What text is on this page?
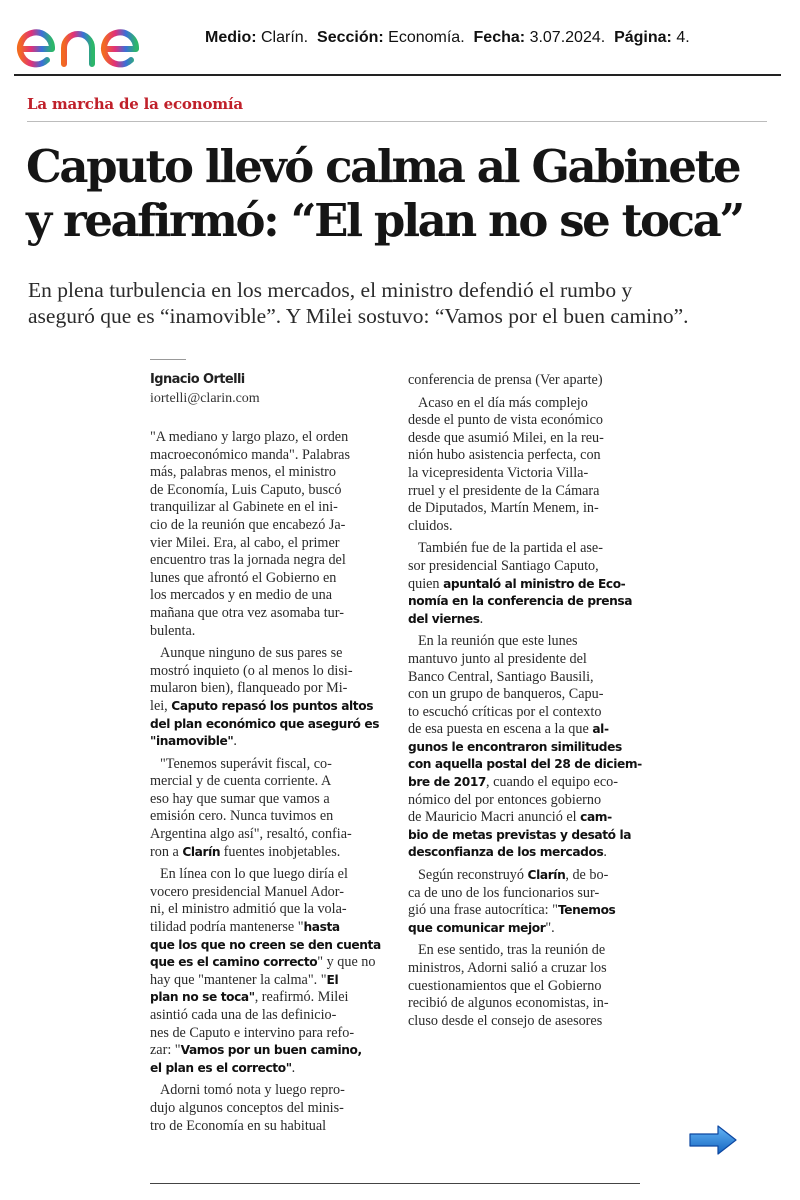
Medio: Clarín. Sección: Economía. Fecha: 3.07.2024. Página: 4.
La marcha de la economía
Caputo llevó calma al Gabinete
y reafirmó: “El plan no se toca”
En plena turbulencia en los mercados, el ministro defendió el rumbo y
aseguró que es “inamovible”. Y Milei sostuvo: “Vamos por el buen camino”.
Ignacio Ortelli
iortelli@clarin.com

"A mediano y largo plazo, el orden
macroeconómico manda". Palabras
más, palabras menos, el ministro
de Economía, Luis Caputo, buscó
tranquilizar al Gabinete en el ini-
cio de la reunión que encabezó Ja-
vier Milei. Era, al cabo, el primer
encuentro tras la jornada negra del
lunes que afrontó el Gobierno en
los mercados y en medio de una
mañana que otra vez asomaba tur-
bulenta.

Aunque ninguno de sus pares se
mostró inquieto (o al menos lo disi-
mularon bien), flanqueado por Mi-
lei, Caputo repasó los puntos altos
del plan económico que aseguró es
"inamovible".

"Tenemos superávit fiscal, co-
mercial y de cuenta corriente. A
eso hay que sumar que vamos a
emisión cero. Nunca tuvimos en
Argentina algo así", resaltó, confia-
ron a Clarín fuentes inobjetables.

En línea con lo que luego diría el
vocero presidencial Manuel Ador-
ni, el ministro admitió que la vola-
tilidad podría mantenerse "hasta
que los que no creen se den cuenta
que es el camino correcto" y que no
hay que "mantener la calma". "El
plan no se toca", reafirmó. Milei
asintió cada una de las definicio-
nes de Caputo e intervino para refo-
zar: "Vamos por un buen camino,
el plan es el correcto".

Adorni tomó nota y luego repro-
dujo algunos conceptos del minis-
tro de Economía en su habitual

conferencia de prensa (Ver aparte)

Acaso en el día más complejo
desde el punto de vista económico
desde que asumió Milei, en la reu-
nión hubo asistencia perfecta, con
la vicepresidenta Victoria Villa-
rruel y el presidente de la Cámara
de Diputados, Martín Menem, in-
cluidos.

También fue de la partida el ase-
sor presidencial Santiago Caputo,
quien apuntaló al ministro de Eco-
nomía en la conferencia de prensa
del viernes.

En la reunión que este lunes
mantuvo junto al presidente del
Banco Central, Santiago Bausili,
con un grupo de banqueros, Capu-
to escuchó críticas por el contexto
de esa puesta en escena a la que al-
gunos le encontraron similitudes
con aquella postal del 28 de diciem-
bre de 2017, cuando el equipo eco-
nómico del por entonces gobierno
de Mauricio Macri anunció el cam-
bio de metas previstas y desató la
desconfianza de los mercados.

Según reconstruyó Clarín, de bo-
ca de uno de los funcionarios sur-
gió una frase autocrítica: "Tenemos
que comunicar mejor".

En ese sentido, tras la reunión de
ministros, Adorni salió a cruzar los
cuestionamientos que el Gobierno
recibió de algunos economistas, in-
cluso desde el consejo de asesores
